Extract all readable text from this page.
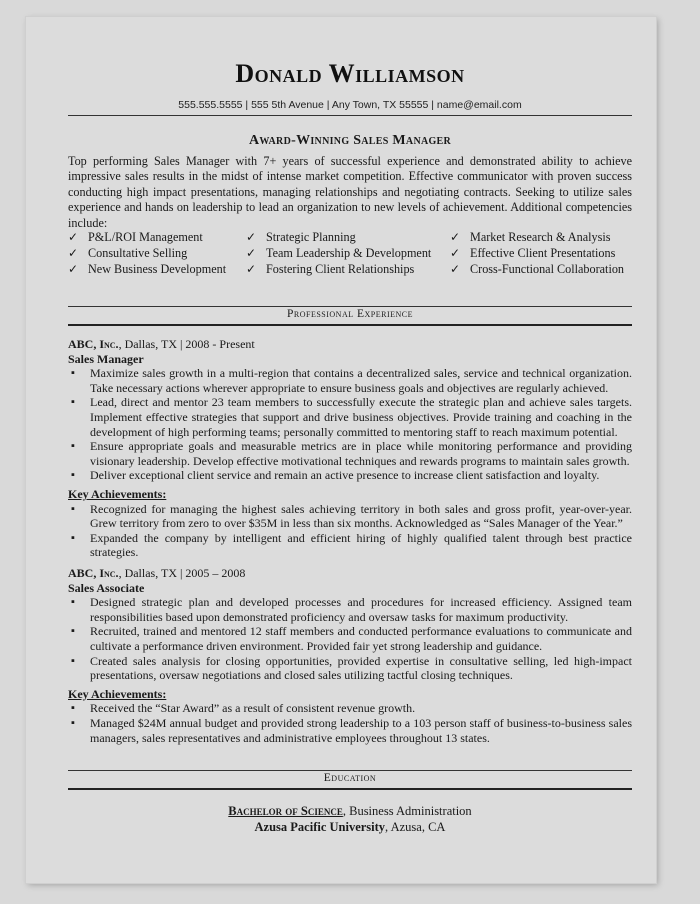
Donald Williamson
555.555.5555 | 555 5th Avenue | Any Town, TX 55555 | name@email.com
Award-Winning Sales Manager
Top performing Sales Manager with 7+ years of successful experience and demonstrated ability to achieve impressive sales results in the midst of intense market competition. Effective communicator with proven success conducting high impact presentations, managing relationships and negotiating contracts. Seeking to utilize sales experience and hands on leadership to lead an organization to new levels of achievement. Additional competencies include:
✓ P&L/ROI Management
✓ Consultative Selling
✓ New Business Development
✓ Strategic Planning
✓ Team Leadership & Development
✓ Fostering Client Relationships
✓ Market Research & Analysis
✓ Effective Client Presentations
✓ Cross-Functional Collaboration
Professional Experience
ABC, Inc., Dallas, TX | 2008 - Present
Sales Manager
▪ Maximize sales growth in a multi-region that contains a decentralized sales, service and technical organization. Take necessary actions wherever appropriate to ensure business goals and objectives are regularly achieved.
▪ Lead, direct and mentor 23 team members to successfully execute the strategic plan and achieve sales targets. Implement effective strategies that support and drive business objectives. Provide training and coaching in the development of high performing teams; personally committed to mentoring staff to reach maximum potential.
▪ Ensure appropriate goals and measurable metrics are in place while monitoring performance and providing visionary leadership. Develop effective motivational techniques and rewards programs to maintain sales growth.
▪ Deliver exceptional client service and remain an active presence to increase client satisfaction and loyalty.
Key Achievements:
▪ Recognized for managing the highest sales achieving territory in both sales and gross profit, year-over-year. Grew territory from zero to over $35M in less than six months. Acknowledged as “Sales Manager of the Year.”
▪ Expanded the company by intelligent and efficient hiring of highly qualified talent through best practice strategies.
ABC, Inc., Dallas, TX | 2005 – 2008
Sales Associate
▪ Designed strategic plan and developed processes and procedures for increased efficiency. Assigned team responsibilities based upon demonstrated proficiency and oversaw tasks for maximum productivity.
▪ Recruited, trained and mentored 12 staff members and conducted performance evaluations to communicate and cultivate a performance driven environment. Provided fair yet strong leadership and guidance.
▪ Created sales analysis for closing opportunities, provided expertise in consultative selling, led high-impact presentations, oversaw negotiations and closed sales utilizing tactful closing techniques.
Key Achievements:
▪ Received the “Star Award” as a result of consistent revenue growth.
▪ Managed $24M annual budget and provided strong leadership to a 103 person staff of business-to-business sales managers, sales representatives and administrative employees throughout 13 states.
Education
Bachelor of Science, Business Administration
Azusa Pacific University, Azusa, CA
